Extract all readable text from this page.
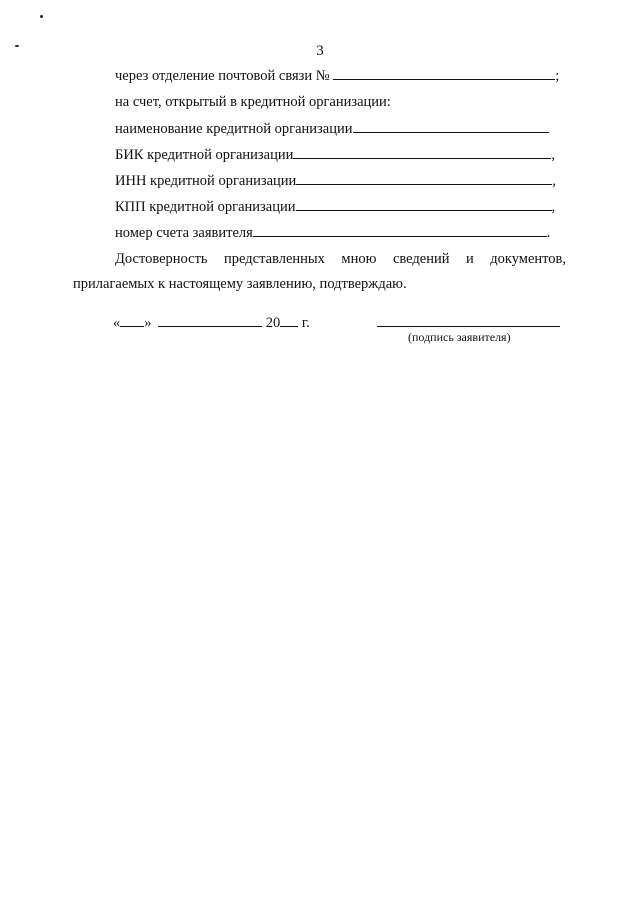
3
через отделение почтовой связи №	;
на счет, открытый в кредитной организации:
наименование кредитной организации
БИК кредитной организации	,
ИНН кредитной организации	,
КПП кредитной организации	,
номер счета заявителя	.
Достоверность представленных мною сведений и документов,
прилагаемых к настоящему заявлению, подтверждаю.
« »	20 г.
(подпись заявителя)
